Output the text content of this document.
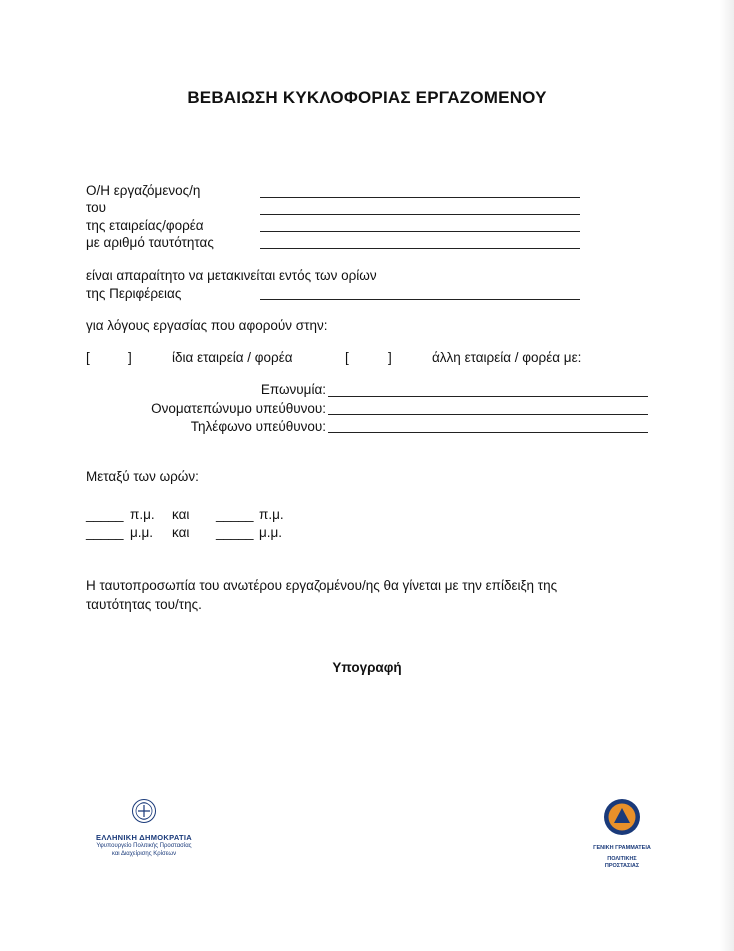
ΒΕΒΑΙΩΣΗ ΚΥΚΛΟΦΟΡΙΑΣ ΕΡΓΑΖΟΜΕΝΟΥ
Ο/Η εργαζόμενος/η
του
της εταιρείας/φορέα
με αριθμό ταυτότητας
είναι απαραίτητο να μετακινείται εντός των ορίων
της Περιφέρειας
για λόγους εργασίας που αφορούν στην:
[	]	ίδια εταιρεία / φορέα	[	]	άλλη εταιρεία / φορέα με:
Επωνυμία:
Ονοματεπώνυμο υπεύθυνου:
Τηλέφωνο υπεύθυνου:
Μεταξύ των ωρών:
_____ π.μ. και _____ π.μ.
_____ μ.μ. και _____ μ.μ.
Η ταυτοπροσωπία του ανωτέρου εργαζομένου/ης θα γίνεται με την επίδειξη της
ταυτότητας του/της.
Υπογραφή
ΕΛΛΗΝΙΚΗ ΔΗΜΟΚΡΑΤΙΑ
Υφυπουργείο Πολιτικής Προστασίας
και Διαχείρισης Κρίσεων
ΓΕΝΙΚΗ ΓΡΑΜΜΑΤΕΙΑ
ΠΟΛΙΤΙΚΗΣ ΠΡΟΣΤΑΣΙΑΣ
